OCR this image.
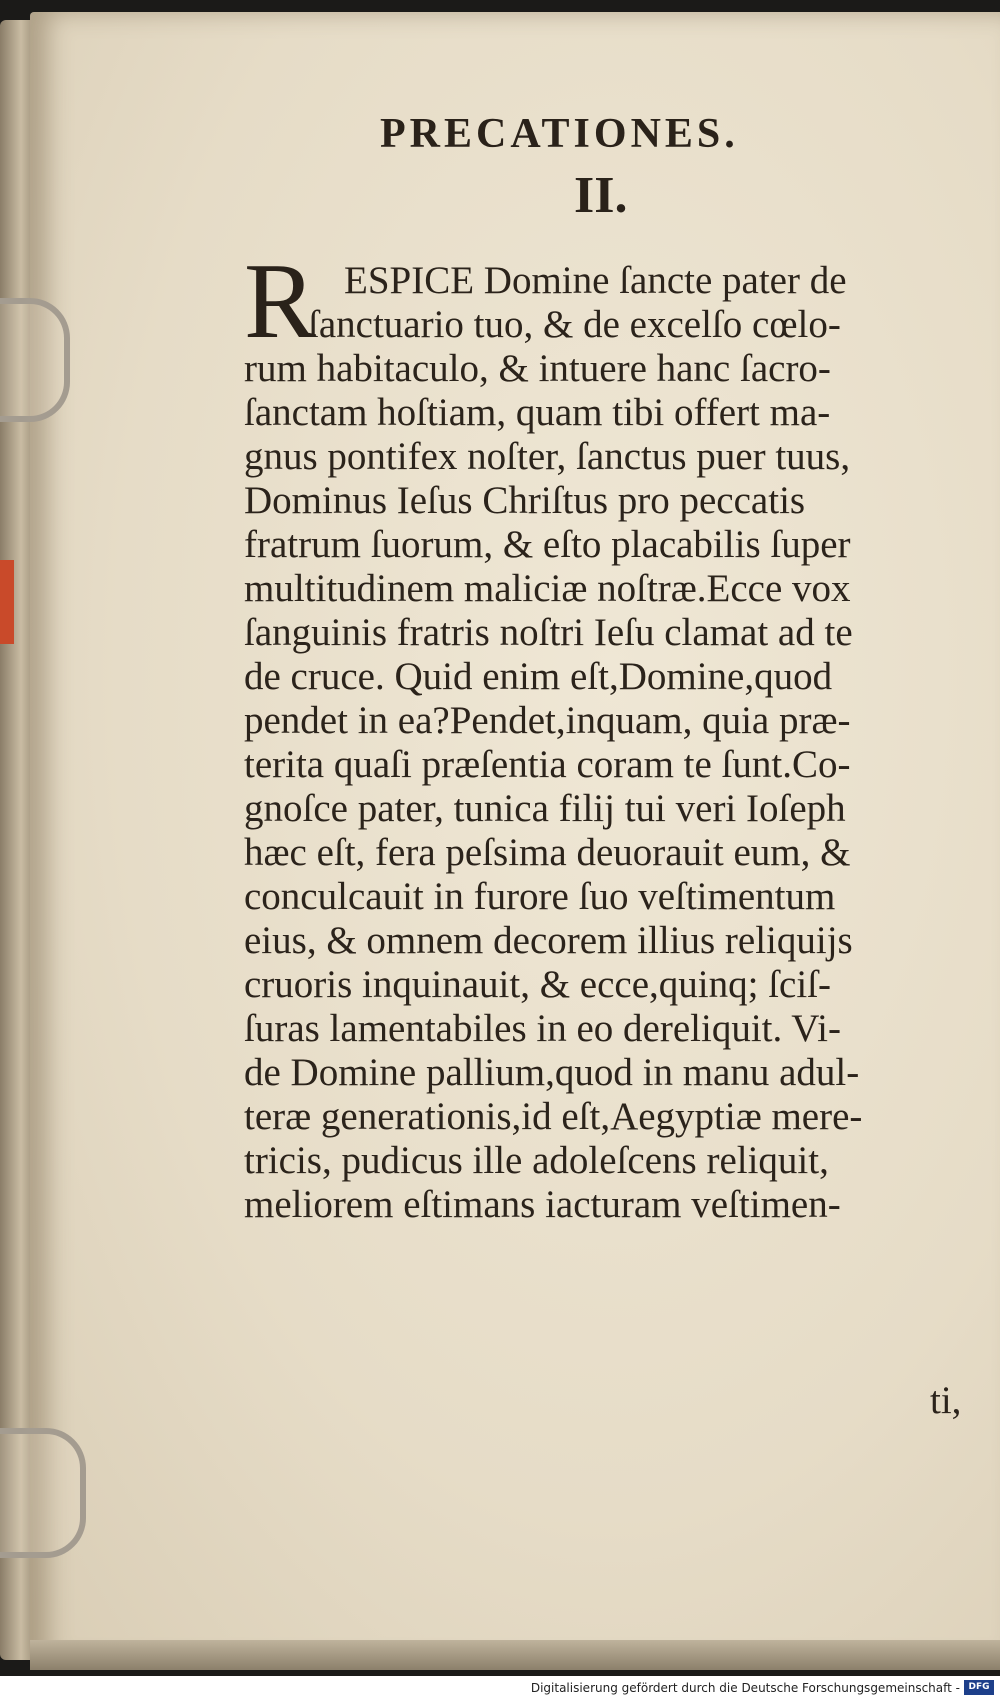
PRECATIONES.
II.
R ESPICE Domine ſancte pater de
ſanctuario tuo, & de excelſo cœlo-
rum habitaculo, & intuere hanc ſacro-
ſanctam hoſtiam, quam tibi offert ma-
gnus pontifex noſter, ſanctus puer tuus,
Dominus Ieſus Chriſtus pro peccatis
fratrum ſuorum, & eſto placabilis ſuper
multitudinem maliciæ noſtræ.Ecce vox
ſanguinis fratris noſtri Ieſu clamat ad te
de cruce. Quid enim eſt,Domine,quod
pendet in ea?Pendet,inquam, quia præ-
terita quaſi præſentia coram te ſunt.Co-
gnoſce pater, tunica filij tui veri Ioſeph
hæc eſt, fera peſsima deuorauit eum, &
conculcauit in furore ſuo veſtimentum
eius, & omnem decorem illius reliquijs
cruoris inquinauit, & ecce,quinq; ſciſ-
ſuras lamentabiles in eo dereliquit. Vi-
de Domine pallium,quod in manu adul-
teræ generationis,id eſt,Aegyptiæ mere-
tricis, pudicus ille adoleſcens reliquit,
meliorem eſtimans iacturam veſtimen-
ti,
Digitalisierung gefördert durch die Deutsche Forschungsgemeinschaft - DFG
